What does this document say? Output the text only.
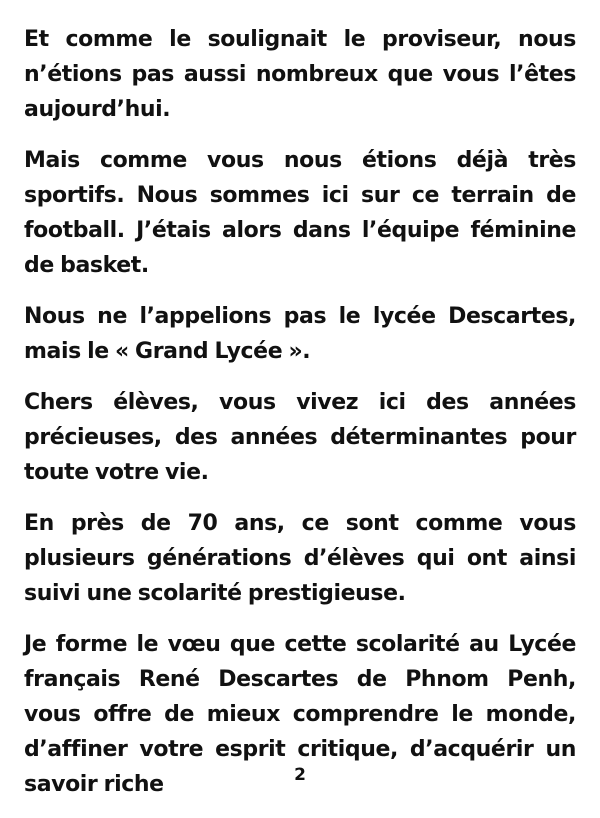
Et comme le soulignait le proviseur, nous n’étions pas aussi nombreux que vous l’êtes aujourd’hui.

Mais comme vous nous étions déjà très sportifs. Nous sommes ici sur ce terrain de football. J’étais alors dans l’équipe féminine de basket.

Nous ne l’appelions pas le lycée Descartes, mais le « Grand Lycée ».

Chers élèves, vous vivez ici des années précieuses, des années déterminantes pour toute votre vie.

En près de 70 ans, ce sont comme vous plusieurs générations d’élèves qui ont ainsi suivi une scolarité prestigieuse.

Je forme le vœu que cette scolarité au Lycée français René Descartes de Phnom Penh, vous offre de mieux comprendre le monde, d’affiner votre esprit critique, d’acquérir un savoir riche	2
